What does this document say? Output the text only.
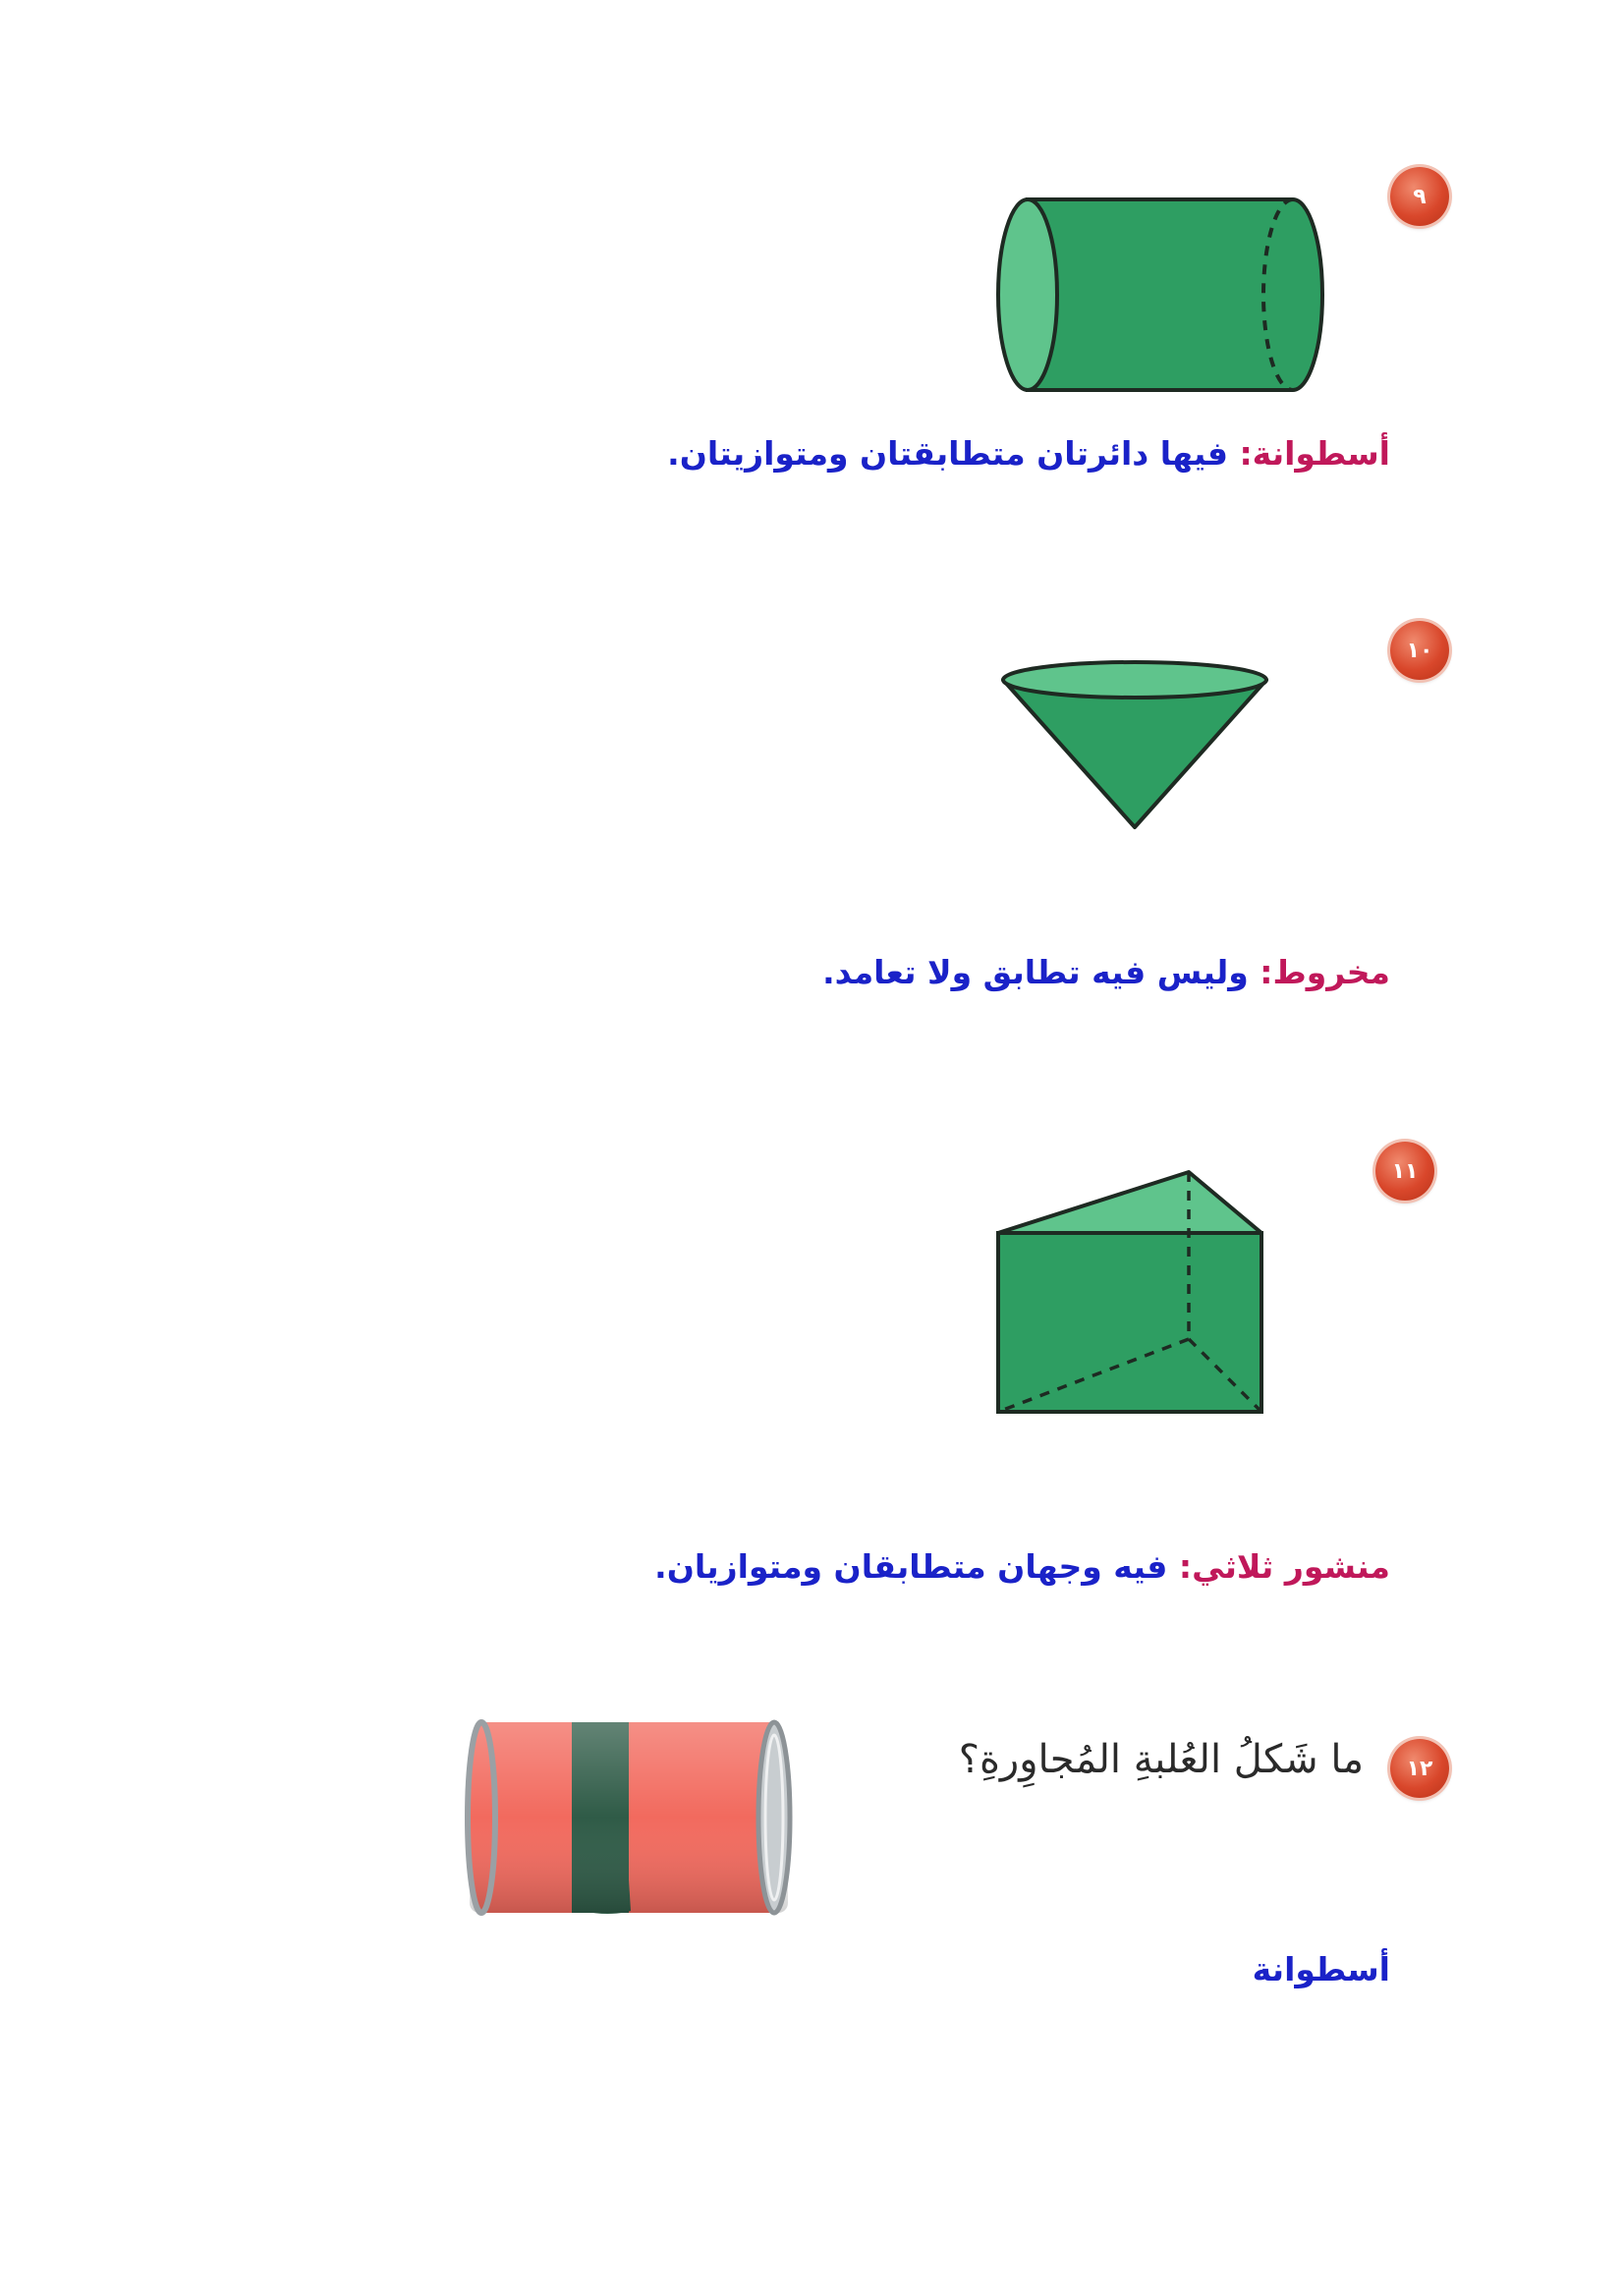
٩
أسطوانة: فيها دائرتان متطابقتان ومتوازيتان.
١٠
مخروط: وليس فيه تطابق ولا تعامد.
١١
منشور ثلاثي: فيه وجهان متطابقان ومتوازيان.
١٢
ما شَكلُ العُلبةِ المُجاوِرةِ؟
أسطوانة
